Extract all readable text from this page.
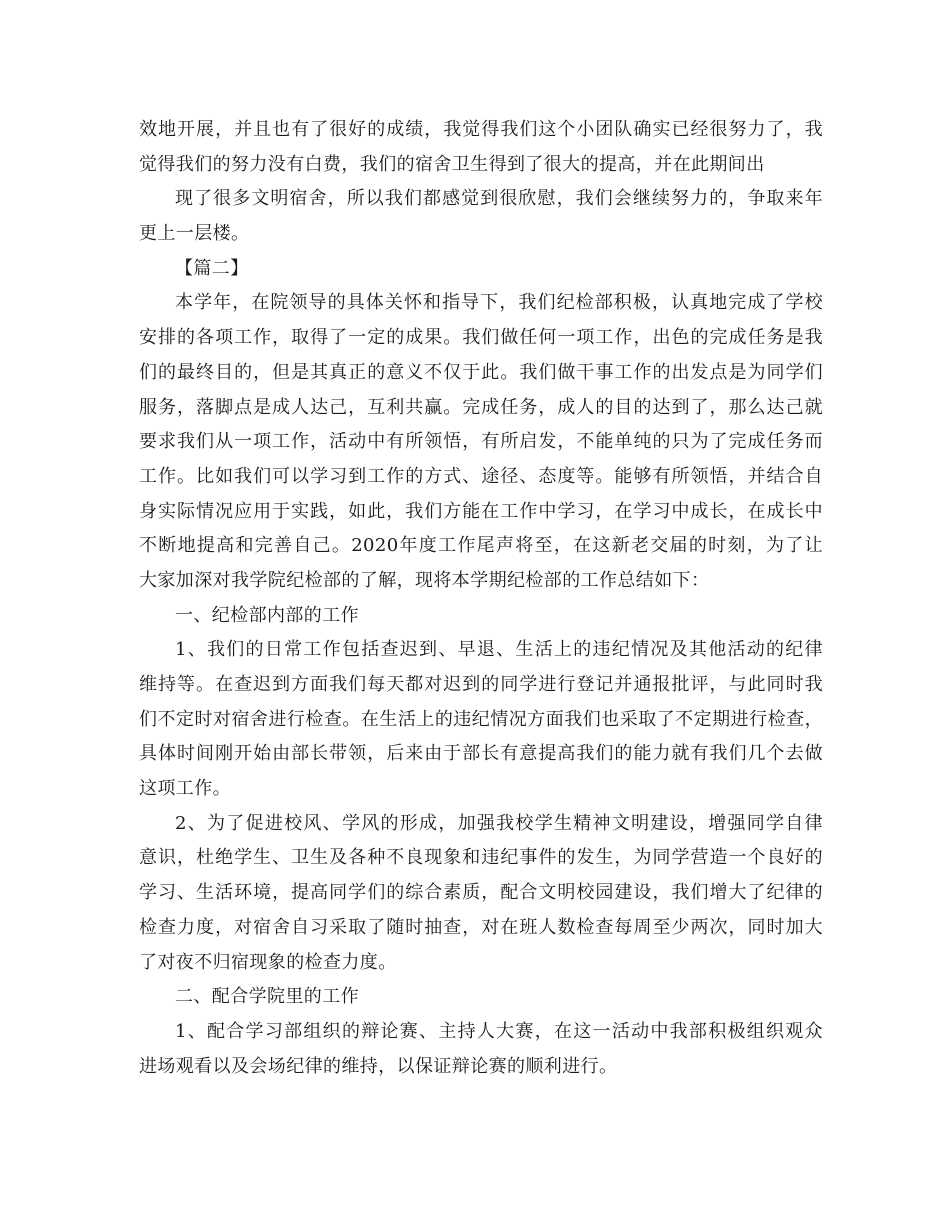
效地开展，并且也有了很好的成绩，我觉得我们这个小团队确实已经很努力了，我
觉得我们的努力没有白费，我们的宿舍卫生得到了很大的提高，并在此期间出
现了很多文明宿舍，所以我们都感觉到很欣慰，我们会继续努力的，争取来年
更上一层楼。
【篇二】
本学年，在院领导的具体关怀和指导下，我们纪检部积极，认真地完成了学校
安排的各项工作，取得了一定的成果。我们做任何一项工作，出色的完成任务是我
们的最终目的，但是其真正的意义不仅于此。我们做干事工作的出发点是为同学们
服务，落脚点是成人达己，互利共赢。完成任务，成人的目的达到了，那么达己就
要求我们从一项工作，活动中有所领悟，有所启发，不能单纯的只为了完成任务而
工作。比如我们可以学习到工作的方式、途径、态度等。能够有所领悟，并结合自
身实际情况应用于实践，如此，我们方能在工作中学习，在学习中成长，在成长中
不断地提高和完善自己。2020年度工作尾声将至，在这新老交届的时刻，为了让
大家加深对我学院纪检部的了解，现将本学期纪检部的工作总结如下：
一、纪检部内部的工作
1、我们的日常工作包括查迟到、早退、生活上的违纪情况及其他活动的纪律
维持等。在查迟到方面我们每天都对迟到的同学进行登记并通报批评，与此同时我
们不定时对宿舍进行检查。在生活上的违纪情况方面我们也采取了不定期进行检查，
具体时间刚开始由部长带领，后来由于部长有意提高我们的能力就有我们几个去做
这项工作。
2、为了促进校风、学风的形成，加强我校学生精神文明建设，增强同学自律
意识，杜绝学生、卫生及各种不良现象和违纪事件的发生，为同学营造一个良好的
学习、生活环境，提高同学们的综合素质，配合文明校园建设，我们增大了纪律的
检查力度，对宿舍自习采取了随时抽查，对在班人数检查每周至少两次，同时加大
了对夜不归宿现象的检查力度。
二、配合学院里的工作
1、配合学习部组织的辩论赛、主持人大赛，在这一活动中我部积极组织观众
进场观看以及会场纪律的维持，以保证辩论赛的顺利进行。
